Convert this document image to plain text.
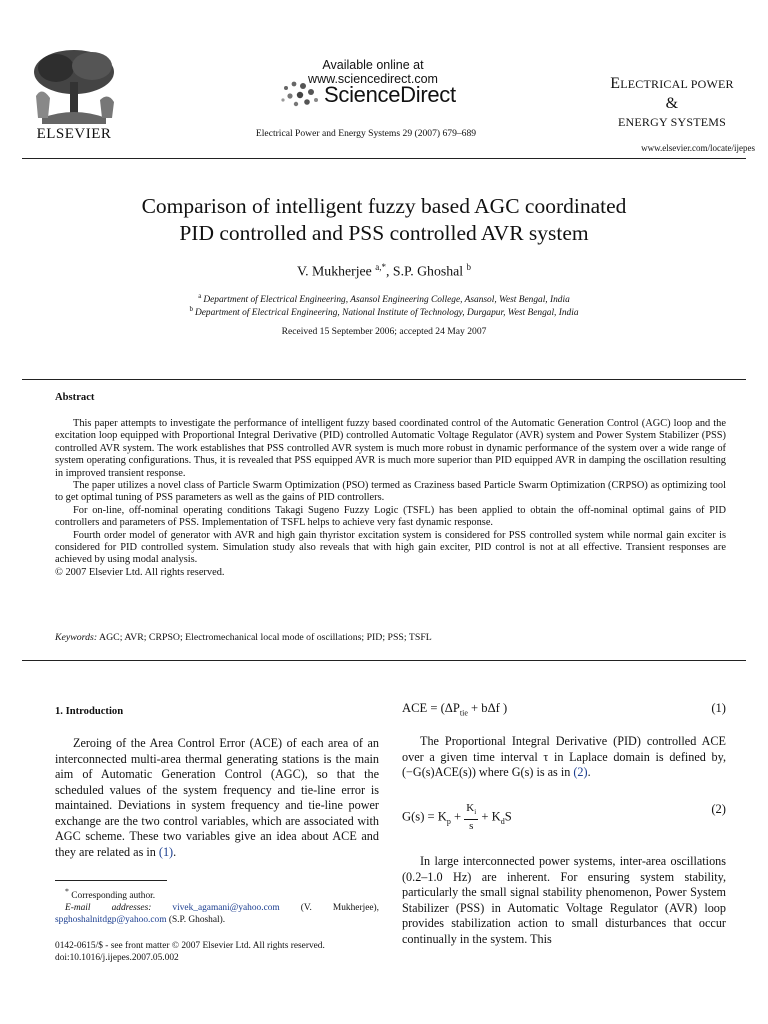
ELSEVIER
Available online at www.sciencedirect.com
ScienceDirect
Electrical Power and Energy Systems 29 (2007) 679–689
ELECTRICAL POWER
&
ENERGY SYSTEMS
www.elsevier.com/locate/ijepes
Comparison of intelligent fuzzy based AGC coordinated
PID controlled and PSS controlled AVR system
V. Mukherjee $^{a,*}$, S.P. Ghoshal $^b$
$^a$ Department of Electrical Engineering, Asansol Engineering College, Asansol, West Bengal, India
$^b$ Department of Electrical Engineering, National Institute of Technology, Durgapur, West Bengal, India
Received 15 September 2006; accepted 24 May 2007
Abstract

This paper attempts to investigate the performance of intelligent fuzzy based coordinated control of the Automatic Generation Control (AGC) loop and the excitation loop equipped with Proportional Integral Derivative (PID) controlled Automatic Voltage Regulator (AVR) system and Power System Stabilizer (PSS) controlled AVR system. The work establishes that PSS controlled AVR system is much more robust in dynamic performance of the system over a wide range of system operating configurations. Thus, it is revealed that PSS equipped AVR is much more superior than PID equipped AVR in damping the oscillation resulting in improved transient response.

The paper utilizes a novel class of Particle Swarm Optimization (PSO) termed as Craziness based Particle Swarm Optimization (CRPSO) as optimizing tool to get optimal tuning of PSS parameters as well as the gains of PID controllers.

For on-line, off-nominal operating conditions Takagi Sugeno Fuzzy Logic (TSFL) has been applied to obtain the off-nominal optimal gains of PID controllers and parameters of PSS. Implementation of TSFL helps to achieve very fast dynamic response.

Fourth order model of generator with AVR and high gain thyristor excitation system is considered for PSS controlled system while normal gain exciter is considered for PID controlled system. Simulation study also reveals that with high gain exciter, PID control is not at all effective. Transient responses are achieved by using modal analysis.

© 2007 Elsevier Ltd. All rights reserved.

Keywords: AGC; AVR; CRPSO; Electromechanical local mode of oscillations; PID; PSS; TSFL
1. Introduction

Zeroing of the Area Control Error (ACE) of each area of an interconnected multi-area thermal generating stations is the main aim of Automatic Generation Control (AGC), so that the scheduled values of the system frequency and tie-line error is maintained. Deviations in system frequency and tie-line power exchange are the two control variables, which are associated with AGC scheme. These two variables give an idea about ACE and they are related as in (1).

* Corresponding author.

E-mail addresses: vivek_agamani@yahoo.com (V. Mukherjee), spghoshalnitdgp@yahoo.com (S.P. Ghoshal).

0142-0615/$ - see front matter © 2007 Elsevier Ltd. All rights reserved.
doi:10.1016/j.ijepes.2007.05.002
ACE = ($\Delta P_{tie} + b\Delta f$ )	(1)

The Proportional Integral Derivative (PID) controlled ACE over a given time interval τ in Laplace domain is defined by, (−G(s)ACE(s)) where G(s) is as in (2).

$G(s) = K_p + \frac{K_i}{s} + K_dS$
(2)

In large interconnected power systems, inter-area oscillations (0.2–1.0 Hz) are inherent. For ensuring system stability, particularly the small signal stability phenomenon, Power System Stabilizer (PSS) in Automatic Voltage Regulator (AVR) loop provides stabilization action to small disturbances that occur continually in the system. This
